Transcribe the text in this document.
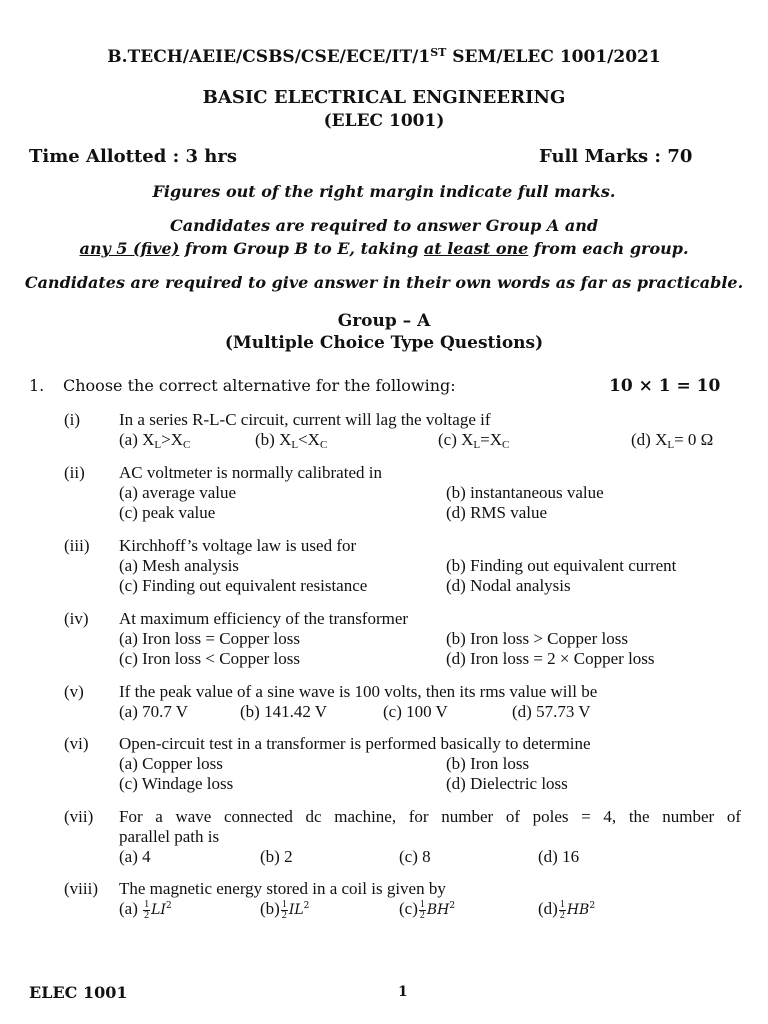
B.TECH/AEIE/CSBS/CSE/ECE/IT/1ST SEM/ELEC 1001/2021
BASIC ELECTRICAL ENGINEERING
(ELEC 1001)
Time Allotted : 3 hrs	Full Marks : 70
Figures out of the right margin indicate full marks.
Candidates are required to answer Group A and
any 5 (five) from Group B to E, taking at least one from each group.
Candidates are required to give answer in their own words as far as practicable.
Group – A
(Multiple Choice Type Questions)
1. Choose the correct alternative for the following:	10 × 1 = 10
(i) In a series R-L-C circuit, current will lag the voltage if
(a) $X_L>X_C$	(b) $X_L<X_C$	(c) $X_L=X_C$	(d) $X_L= 0$ Ω
(ii) AC voltmeter is normally calibrated in
(a) average value	(b) instantaneous value
(c) peak value	(d) RMS value
(iii) Kirchhoff’s voltage law is used for
(a) Mesh analysis	(b) Finding out equivalent current
(c) Finding out equivalent resistance	(d) Nodal analysis
(iv) At maximum efficiency of the transformer
(a) Iron loss = Copper loss	(b) Iron loss > Copper loss
(c) Iron loss < Copper loss	(d) Iron loss = 2 × Copper loss
(v) If the peak value of a sine wave is 100 volts, then its rms value will be
(a) 70.7 V	(b) 141.42 V	(c) 100 V	(d) 57.73 V
(vi) Open-circuit test in a transformer is performed basically to determine
(a) Copper loss	(b) Iron loss
(c) Windage loss	(d) Dielectric loss
(vii) For a wave connected dc machine, for number of poles = 4, the number of
parallel path is
(a) 4	(b) 2	(c) 8	(d) 16
(viii) The magnetic energy stored in a coil is given by
$(a) \frac{1}{2} LI^2$	$(b) \frac{1}{2} IL^2$	$(c) \frac{1}{2} BH^2$	$(d) \frac{1}{2} HB^2$
ELEC 1001	1
